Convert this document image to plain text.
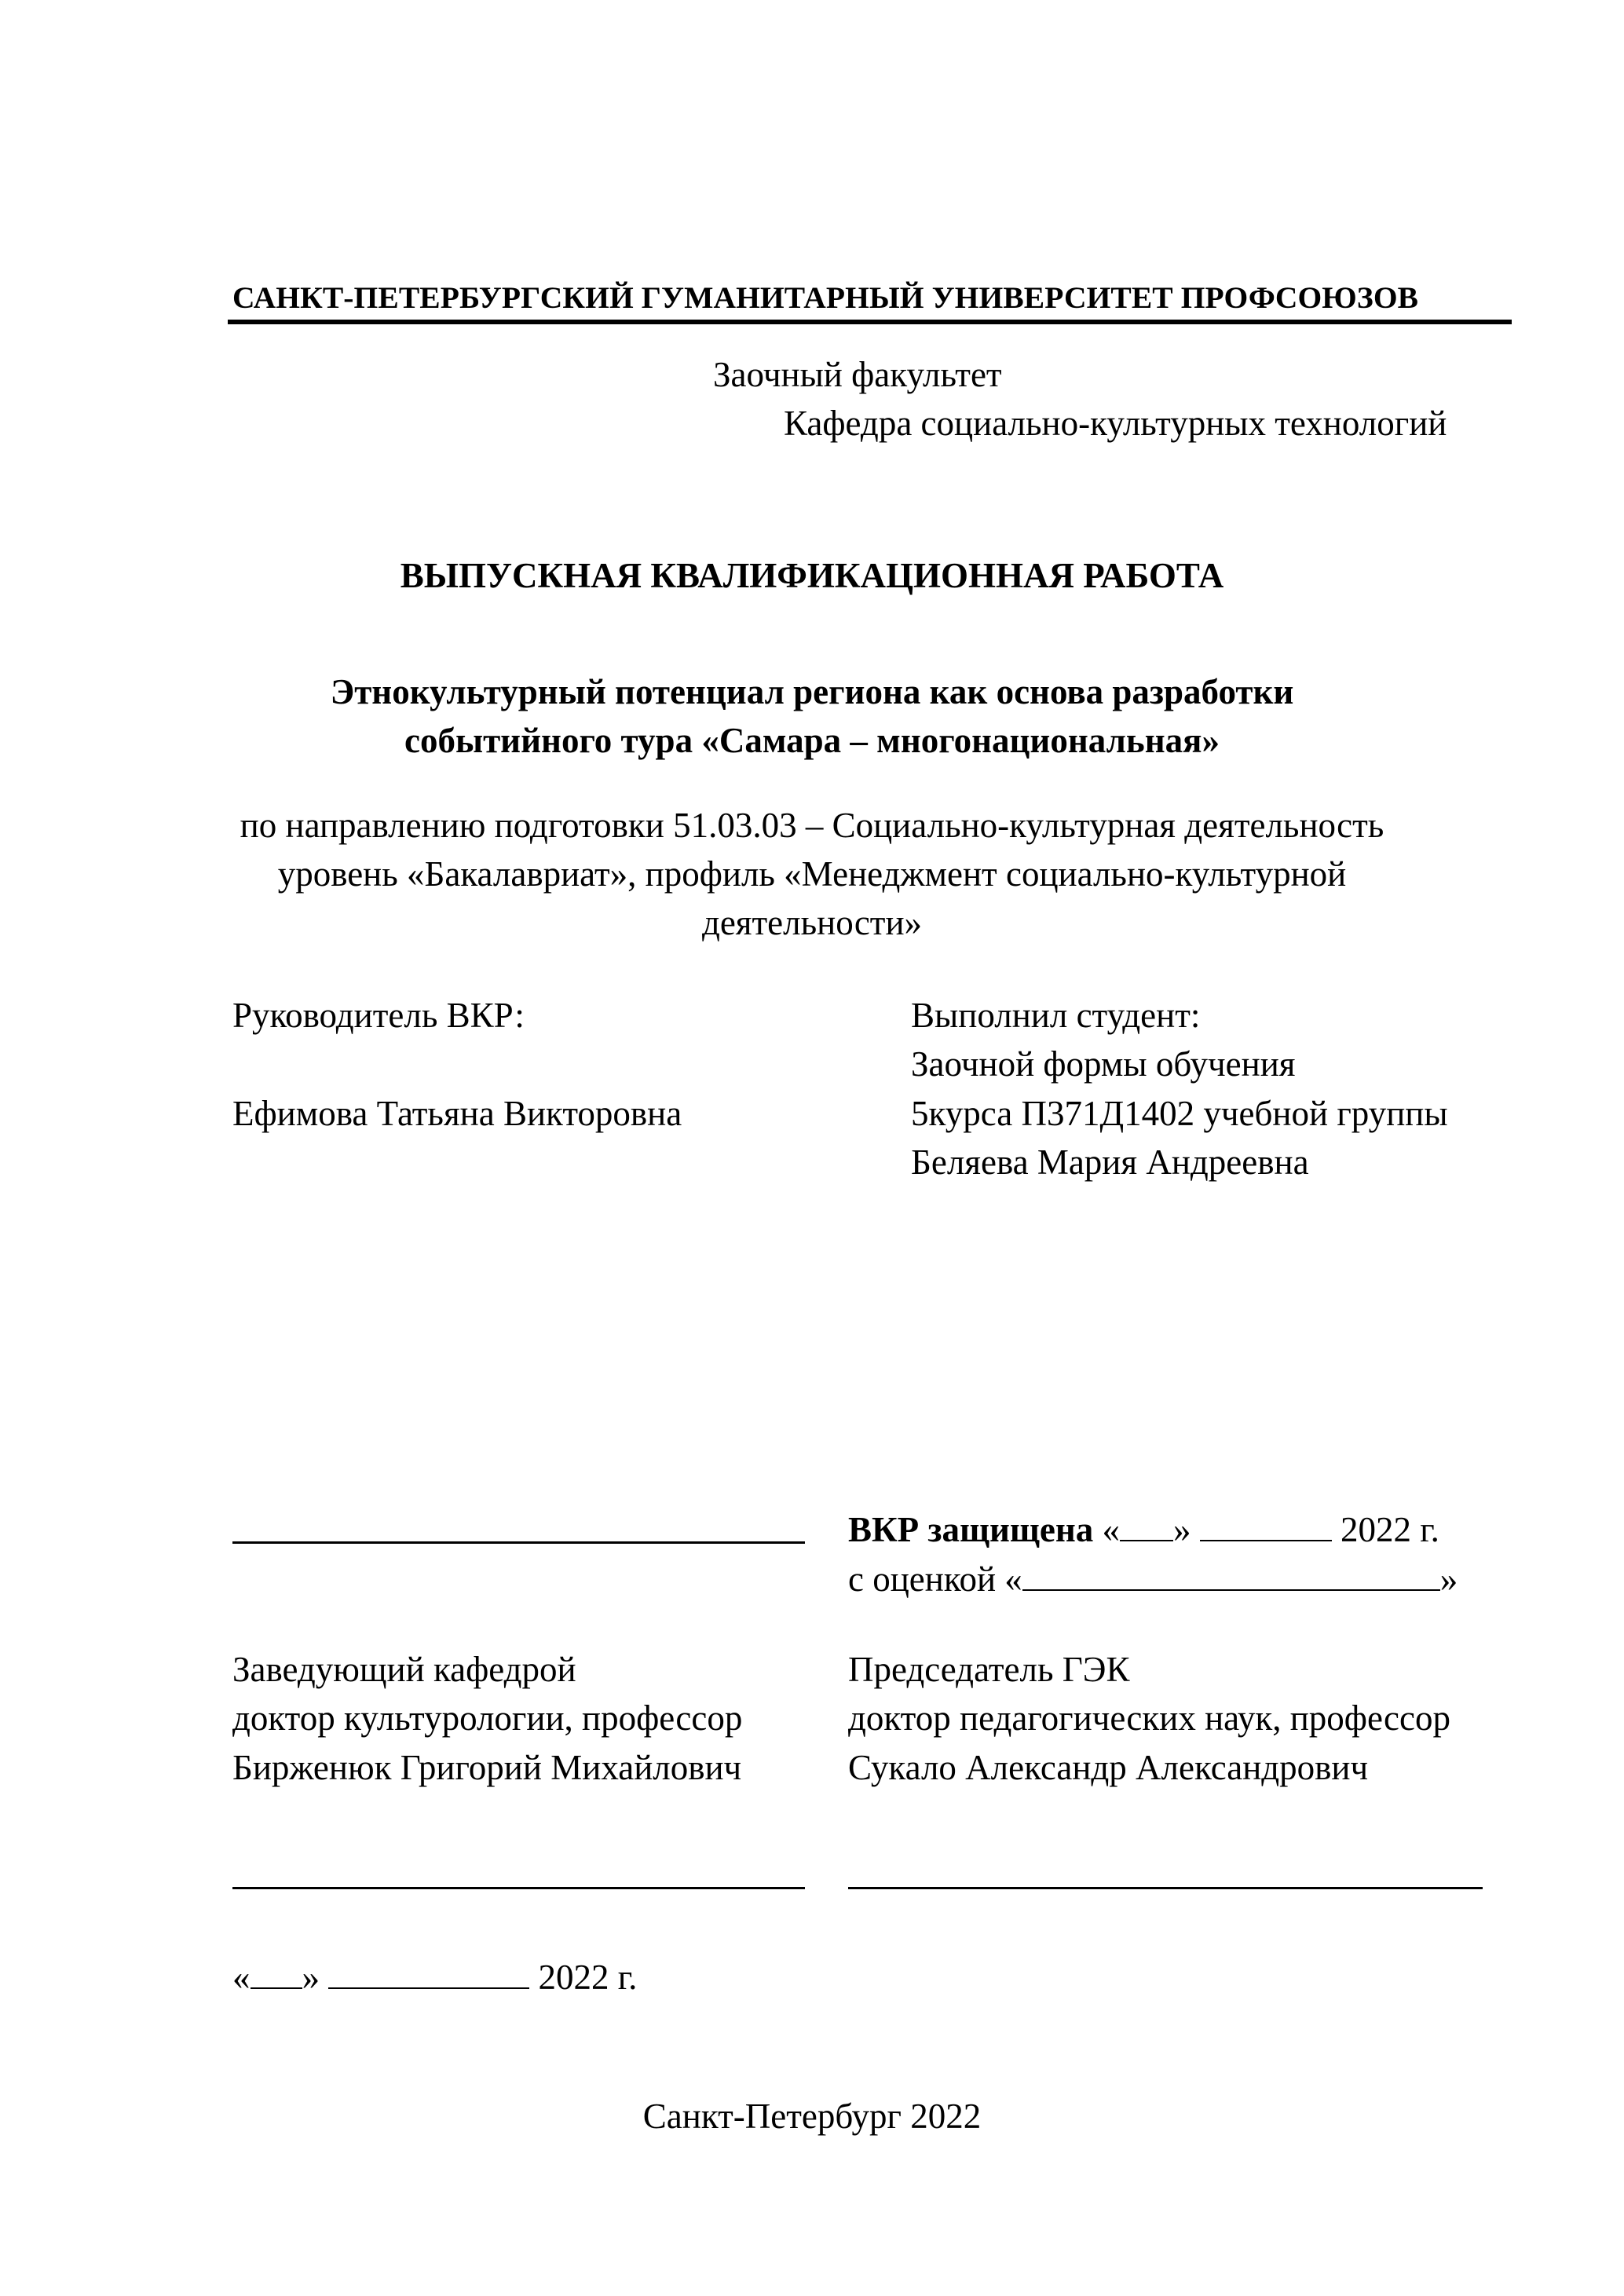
САНКТ-ПЕТЕРБУРГСКИЙ ГУМАНИТАРНЫЙ УНИВЕРСИТЕТ ПРОФСОЮЗОВ
Заочный факультет
Кафедра социально-культурных технологий
ВЫПУСКНАЯ КВАЛИФИКАЦИОННАЯ РАБОТА
Этнокультурный потенциал региона как основа разработки
событийного тура «Самара – многонациональная»
по направлению подготовки 51.03.03 – Социально-культурная деятельность
уровень «Бакалавриат», профиль «Менеджмент социально-культурной
деятельности»
Руководитель ВКР:
Ефимова Татьяна Викторовна
Выполнил студент:
Заочной формы обучения
5курса П371Д1402 учебной группы
Беляева Мария Андреевна
ВКР защищена « »	2022 г.
с оценкой «	»
Заведующий кафедрой
доктор культурологии, профессор
Бирженюк Григорий Михайлович
Председатель ГЭК
доктор педагогических наук, профессор
Сукало Александр Александрович
« »	2022 г.
Санкт-Петербург 2022
